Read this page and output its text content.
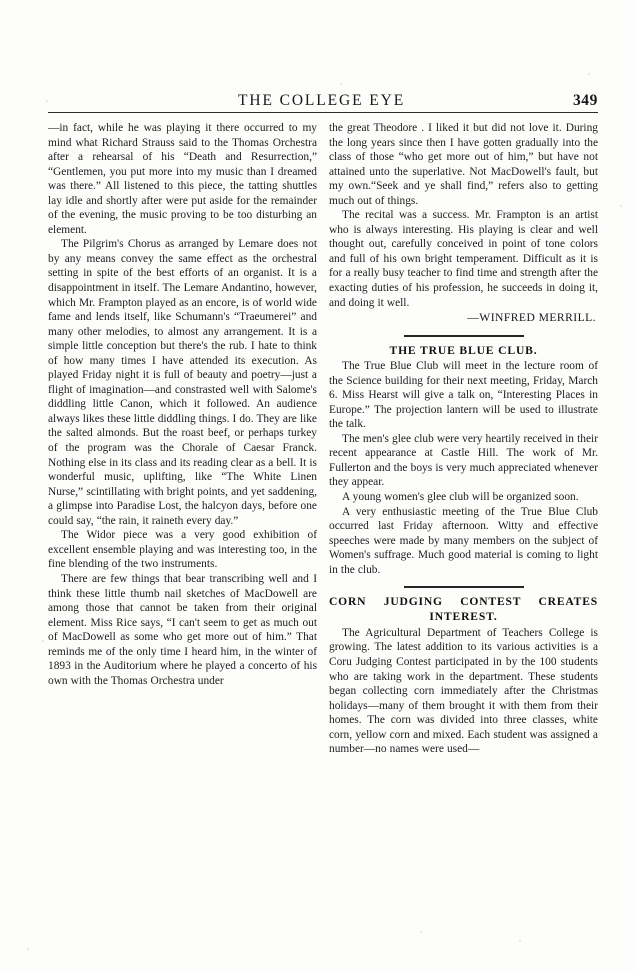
THE COLLEGE EYE	349

—in fact, while he was playing it there occurred to my mind what Richard Strauss said to the Thomas Orchestra after a rehearsal of his “Death and Resurrection,” “Gentlemen, you put more into my music than I dreamed was there.” All listened to this piece, the tatting shuttles lay idle and shortly after were put aside for the remainder of the evening, the music proving to be too disturbing an element.

The Pilgrim's Chorus as arranged by Lemare does not by any means convey the same effect as the orchestral setting in spite of the best efforts of an organist. It is a disappointment in itself. The Lemare Andantino, however, which Mr. Frampton played as an encore, is of world wide fame and lends itself, like Schumann's “Traeumerei” and many other melodies, to almost any arrangement. It is a simple little conception but there's the rub. I hate to think of how many times I have attended its execution. As played Friday night it is full of beauty and poetry—just a flight of imagination—and constrasted well with Salome's diddling little Canon, which it followed. An audience always likes these little diddling things. I do. They are like the salted almonds. But the roast beef, or perhaps turkey of the program was the Chorale of Caesar Franck. Nothing else in its class and its reading clear as a bell. It is wonderful music, uplifting, like “The White Linen Nurse,” scintillating with bright points, and yet saddening, a glimpse into Paradise Lost, the halcyon days, before one could say, “the rain, it raineth every day.”

The Widor piece was a very good exhibition of excellent ensemble playing and was interesting too, in the fine blending of the two instruments.

There are few things that bear transcribing well and I think these little thumb nail sketches of MacDowell are among those that cannot be taken from their original element. Miss Rice says, “I can't seem to get as much out of MacDowell as some who get more out of him.” That reminds me of the only time I heard him, in the winter of 1893 in the Auditorium where he played a concerto of his own with the Thomas Orchestra under

the great Theodore . I liked it but did not love it. During the long years since then I have gotten gradually into the class of those “who get more out of him,” but have not attained unto the superlative. Not MacDowell's fault, but my own.“Seek and ye shall find,” refers also to getting much out of things.

The recital was a success. Mr. Frampton is an artist who is always interesting. His playing is clear and well thought out, carefully conceived in point of tone colors and full of his own bright temperament. Difficult as it is for a really busy teacher to find time and strength after the exacting duties of his profession, he succeeds in doing it, and doing it well.

—WINFRED MERRILL.

THE TRUE BLUE CLUB.

The True Blue Club will meet in the lecture room of the Science building for their next meeting, Friday, March 6. Miss Hearst will give a talk on, “Interesting Places in Europe.” The projection lantern will be used to illustrate the talk.

The men's glee club were very heartily received in their recent appearance at Castle Hill. The work of Mr. Fullerton and the boys is very much appreciated whenever they appear.

A young women's glee club will be organized soon.

A very enthusiastic meeting of the True Blue Club occurred last Friday afternoon. Witty and effective speeches were made by many members on the subject of Women's suffrage. Much good material is coming to light in the club.

CORN JUDGING CONTEST CREATES
INTEREST.

The Agricultural Department of Teachers College is growing. The latest addition to its various activities is a Coru Judging Contest participated in by the 100 students who are taking work in the department. These students began collecting corn immediately after the Christmas holidays—many of them brought it with them from their homes. The corn was divided into three classes, white corn, yellow corn and mixed. Each student was assigned a number—no names were used—
